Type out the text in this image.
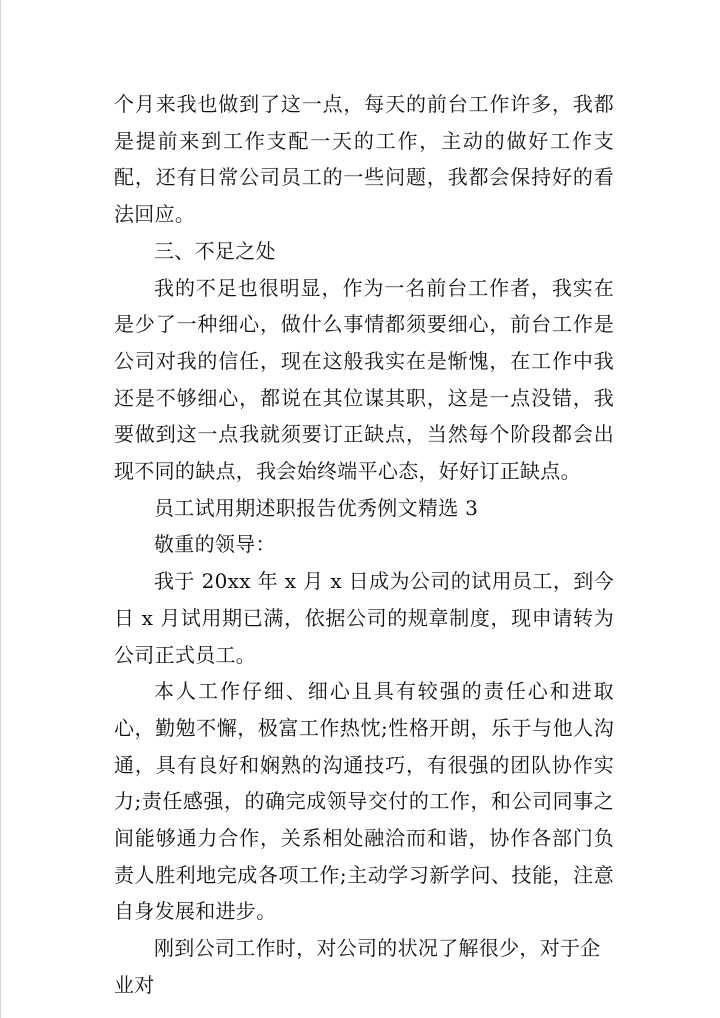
个月来我也做到了这一点，每天的前台工作许多，我都是提前来到工作支配一天的工作，主动的做好工作支配，还有日常公司员工的一些问题，我都会保持好的看法回应。

三、不足之处

我的不足也很明显，作为一名前台工作者，我实在是少了一种细心，做什么事情都须要细心，前台工作是公司对我的信任，现在这般我实在是惭愧，在工作中我还是不够细心，都说在其位谋其职，这是一点没错，我要做到这一点我就须要订正缺点，当然每个阶段都会出现不同的缺点，我会始终端平心态，好好订正缺点。

员工试用期述职报告优秀例文精选 3

敬重的领导：

我于 20xx 年 x 月 x 日成为公司的试用员工，到今日 x 月试用期已满，依据公司的规章制度，现申请转为公司正式员工。

本人工作仔细、细心且具有较强的责任心和进取心，勤勉不懈，极富工作热忱;性格开朗，乐于与他人沟通，具有良好和娴熟的沟通技巧，有很强的团队协作实力;责任感强，的确完成领导交付的工作，和公司同事之间能够通力合作，关系相处融洽而和谐，协作各部门负责人胜利地完成各项工作;主动学习新学问、技能，注意自身发展和进步。

刚到公司工作时，对公司的状况了解很少，对于企业对
